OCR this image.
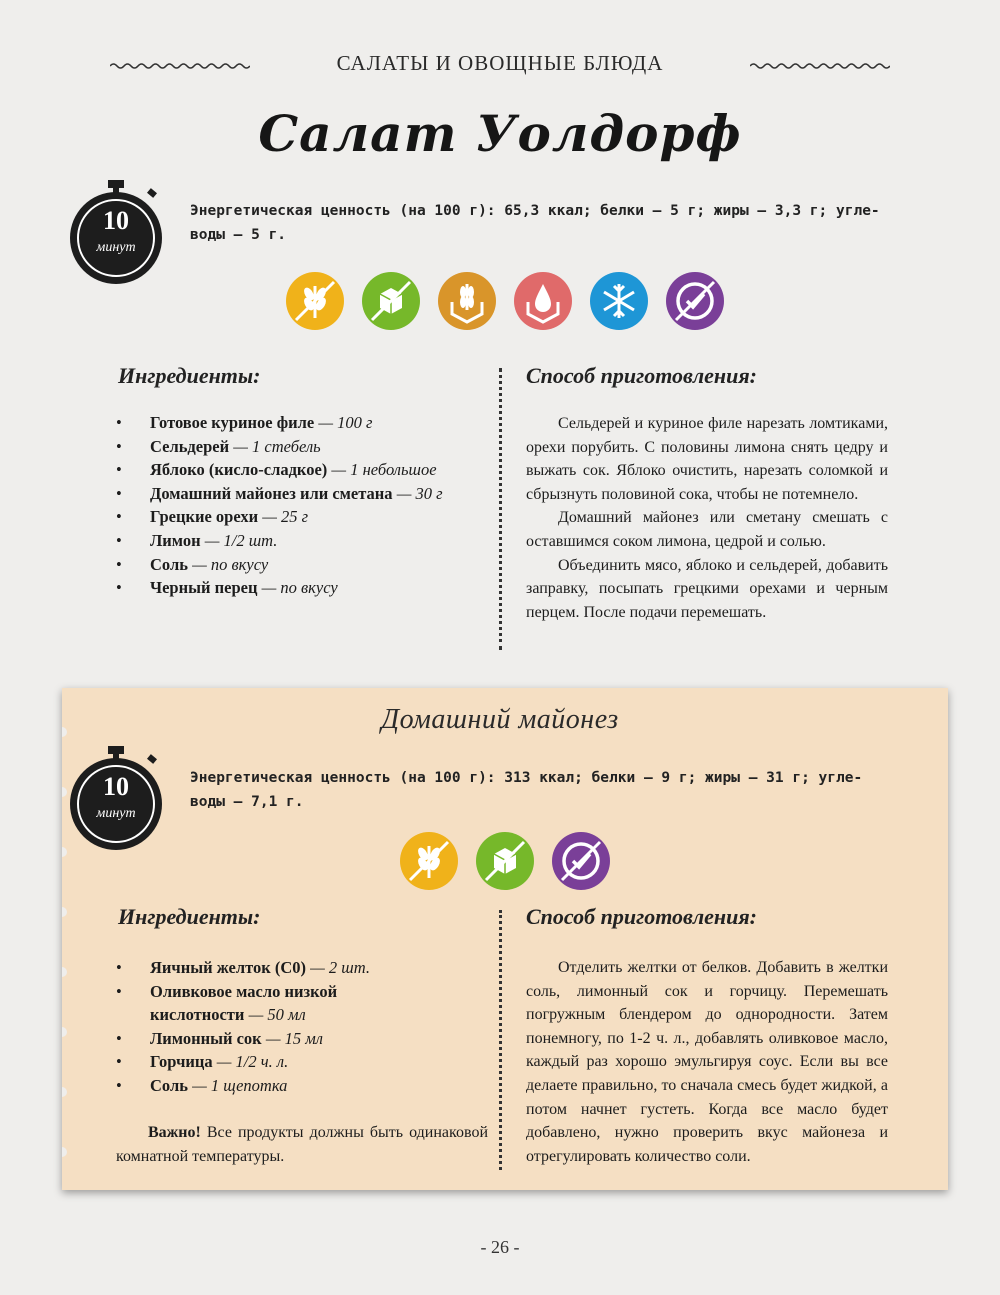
САЛАТЫ И ОВОЩНЫЕ БЛЮДА
Салат Уолдорф
10
минут
Энергетическая ценность (на 100 г): 65,3 ккал; белки — 5 г; жиры — 3,3 г; угле-
воды — 5 г.
Ингредиенты:	Способ приготовления:
• Готовое куриное филе — 100 г
• Сельдерей — 1 стебель
• Яблоко (кисло-сладкое) — 1 небольшое
• Домашний майонез или сметана — 30 г
• Грецкие орехи — 25 г
• Лимон — 1/2 шт.
• Соль — по вкусу
• Черный перец — по вкусу

Сельдерей и куриное филе нарезать ломтиками, орехи порубить. С половины лимона снять цедру и выжать сок. Яблоко очистить, нарезать соломкой и сбрызнуть половиной сока, чтобы не потемнело.

Домашний майонез или сметану смешать с оставшимся соком лимона, цедрой и солью.

Объединить мясо, яблоко и сельдерей, добавить заправку, посыпать грецкими орехами и черным перцем. После подачи перемешать.

Домашний майонез
10
минут
Энергетическая ценность (на 100 г): 313 ккал; белки — 9 г; жиры — 31 г; угле-
воды — 7,1 г.
Ингредиенты:	Способ приготовления:
• Яичный желток (С0) — 2 шт.
• Оливковое масло низкой кислотности — 50 мл
• Лимонный сок — 15 мл
• Горчица — 1/2 ч. л.
• Соль — 1 щепотка
Важно! Все продукты должны быть одинаковой комнатной температуры.

Отделить желтки от белков. Добавить в желтки соль, лимонный сок и горчицу. Перемешать погружным блендером до однородности. Затем понемногу, по 1-2 ч. л., добавлять оливковое масло, каждый раз хорошо эмульгируя соус. Если вы все делаете правильно, то сначала смесь будет жидкой, а потом начнет густеть. Когда все масло будет добавлено, нужно проверить вкус майонеза и отрегулировать количество соли.

- 26 -
